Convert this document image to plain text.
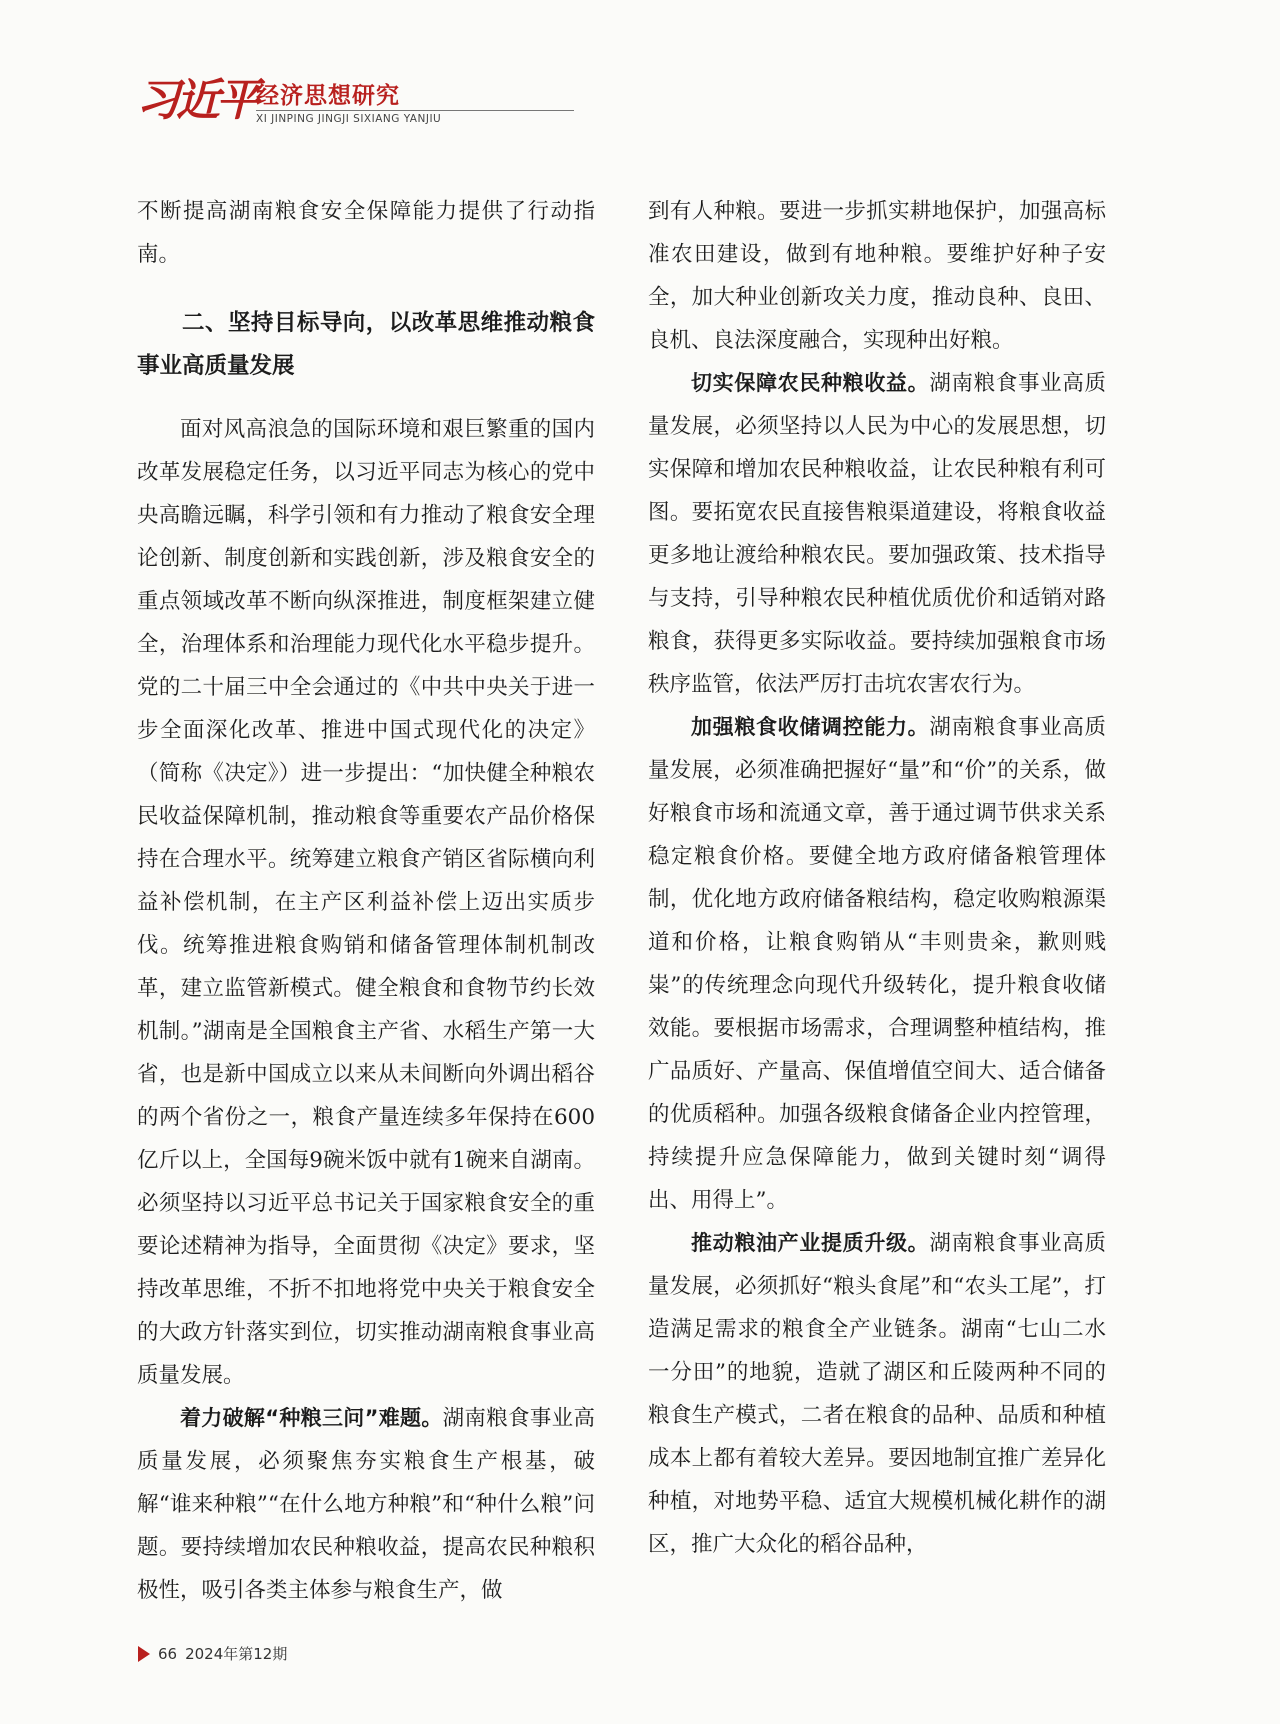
习近平 经济思想研究
XI JINPING JINGJI SIXIANG YANJIU

不断提高湖南粮食安全保障能力提供了行动指南。

二、坚持目标导向，以改革思维推动粮食事业高质量发展

面对风高浪急的国际环境和艰巨繁重的国内改革发展稳定任务，以习近平同志为核心的党中央高瞻远瞩，科学引领和有力推动了粮食安全理论创新、制度创新和实践创新，涉及粮食安全的重点领域改革不断向纵深推进，制度框架建立健全，治理体系和治理能力现代化水平稳步提升。党的二十届三中全会通过的《中共中央关于进一步全面深化改革、推进中国式现代化的决定》（简称《决定》）进一步提出：“加快健全种粮农民收益保障机制，推动粮食等重要农产品价格保持在合理水平。统筹建立粮食产销区省际横向利益补偿机制，在主产区利益补偿上迈出实质步伐。统筹推进粮食购销和储备管理体制机制改革，建立监管新模式。健全粮食和食物节约长效机制。”湖南是全国粮食主产省、水稻生产第一大省，也是新中国成立以来从未间断向外调出稻谷的两个省份之一，粮食产量连续多年保持在600亿斤以上，全国每9碗米饭中就有1碗来自湖南。必须坚持以习近平总书记关于国家粮食安全的重要论述精神为指导，全面贯彻《决定》要求，坚持改革思维，不折不扣地将党中央关于粮食安全的大政方针落实到位，切实推动湖南粮食事业高质量发展。

着力破解“种粮三问”难题。湖南粮食事业高质量发展，必须聚焦夯实粮食生产根基，破解“谁来种粮”“在什么地方种粮”和“种什么粮”问题。要持续增加农民种粮收益，提高农民种粮积极性，吸引各类主体参与粮食生产，做

到有人种粮。要进一步抓实耕地保护，加强高标准农田建设，做到有地种粮。要维护好种子安全，加大种业创新攻关力度，推动良种、良田、良机、良法深度融合，实现种出好粮。

切实保障农民种粮收益。湖南粮食事业高质量发展，必须坚持以人民为中心的发展思想，切实保障和增加农民种粮收益，让农民种粮有利可图。要拓宽农民直接售粮渠道建设，将粮食收益更多地让渡给种粮农民。要加强政策、技术指导与支持，引导种粮农民种植优质优价和适销对路粮食，获得更多实际收益。要持续加强粮食市场秩序监管，依法严厉打击坑农害农行为。

加强粮食收储调控能力。湖南粮食事业高质量发展，必须准确把握好“量”和“价”的关系，做好粮食市场和流通文章，善于通过调节供求关系稳定粮食价格。要健全地方政府储备粮管理体制，优化地方政府储备粮结构，稳定收购粮源渠道和价格，让粮食购销从“丰则贵籴，歉则贱粜”的传统理念向现代升级转化，提升粮食收储效能。要根据市场需求，合理调整种植结构，推广品质好、产量高、保值增值空间大、适合储备的优质稻种。加强各级粮食储备企业内控管理，持续提升应急保障能力，做到关键时刻“调得出、用得上”。

推动粮油产业提质升级。湖南粮食事业高质量发展，必须抓好“粮头食尾”和“农头工尾”，打造满足需求的粮食全产业链条。湖南“七山二水一分田”的地貌，造就了湖区和丘陵两种不同的粮食生产模式，二者在粮食的品种、品质和种植成本上都有着较大差异。要因地制宜推广差异化种植，对地势平稳、适宜大规模机械化耕作的湖区，推广大众化的稻谷品种，

66 2024年第12期
